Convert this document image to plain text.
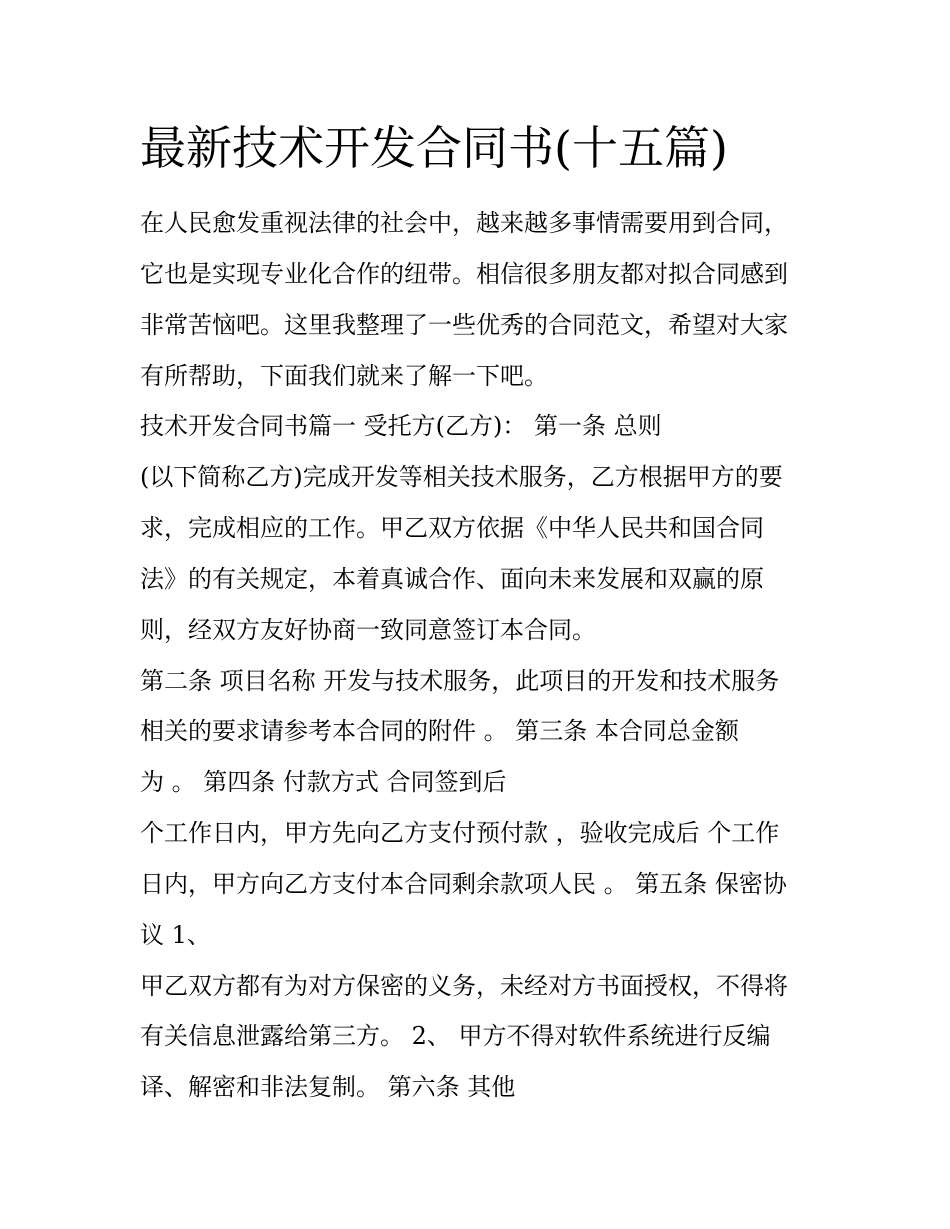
最新技术开发合同书(十五篇)
在人民愈发重视法律的社会中，越来越多事情需要用到合同，
它也是实现专业化合作的纽带。相信很多朋友都对拟合同感到
非常苦恼吧。这里我整理了一些优秀的合同范文，希望对大家
有所帮助，下面我们就来了解一下吧。
技术开发合同书篇一 受托方(乙方)： 第一条 总则
(以下简称乙方)完成开发等相关技术服务，乙方根据甲方的要
求，完成相应的工作。甲乙双方依据《中华人民共和国合同
法》的有关规定，本着真诚合作、面向未来发展和双赢的原
则，经双方友好协商一致同意签订本合同。
第二条 项目名称 开发与技术服务，此项目的开发和技术服务
相关的要求请参考本合同的附件 。 第三条 本合同总金额
为 。 第四条 付款方式 合同签到后
个工作日内，甲方先向乙方支付预付款 ，验收完成后 个工作
日内，甲方向乙方支付本合同剩余款项人民 。 第五条 保密协
议 1、
甲乙双方都有为对方保密的义务，未经对方书面授权，不得将
有关信息泄露给第三方。 2、 甲方不得对软件系统进行反编
译、解密和非法复制。 第六条 其他
